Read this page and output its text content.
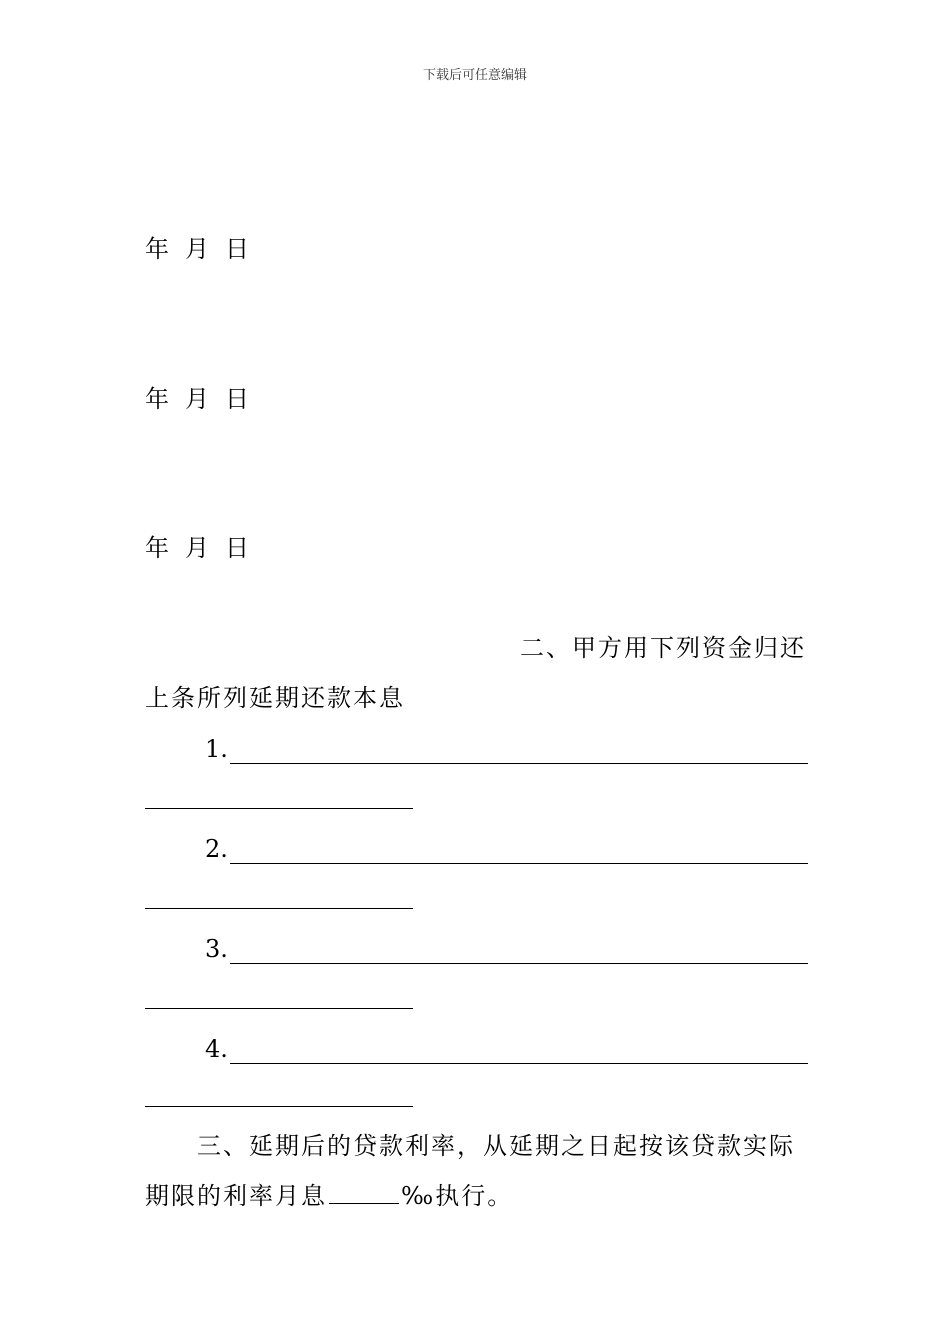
下载后可任意编辑
年 月 日
年 月 日
年 月 日
二、甲方用下列资金归还
上条所列延期还款本息
1.
2.
3.
4.
三、延期后的贷款利率，从延期之日起按该贷款实际
期限的利率月息	‰执行。
